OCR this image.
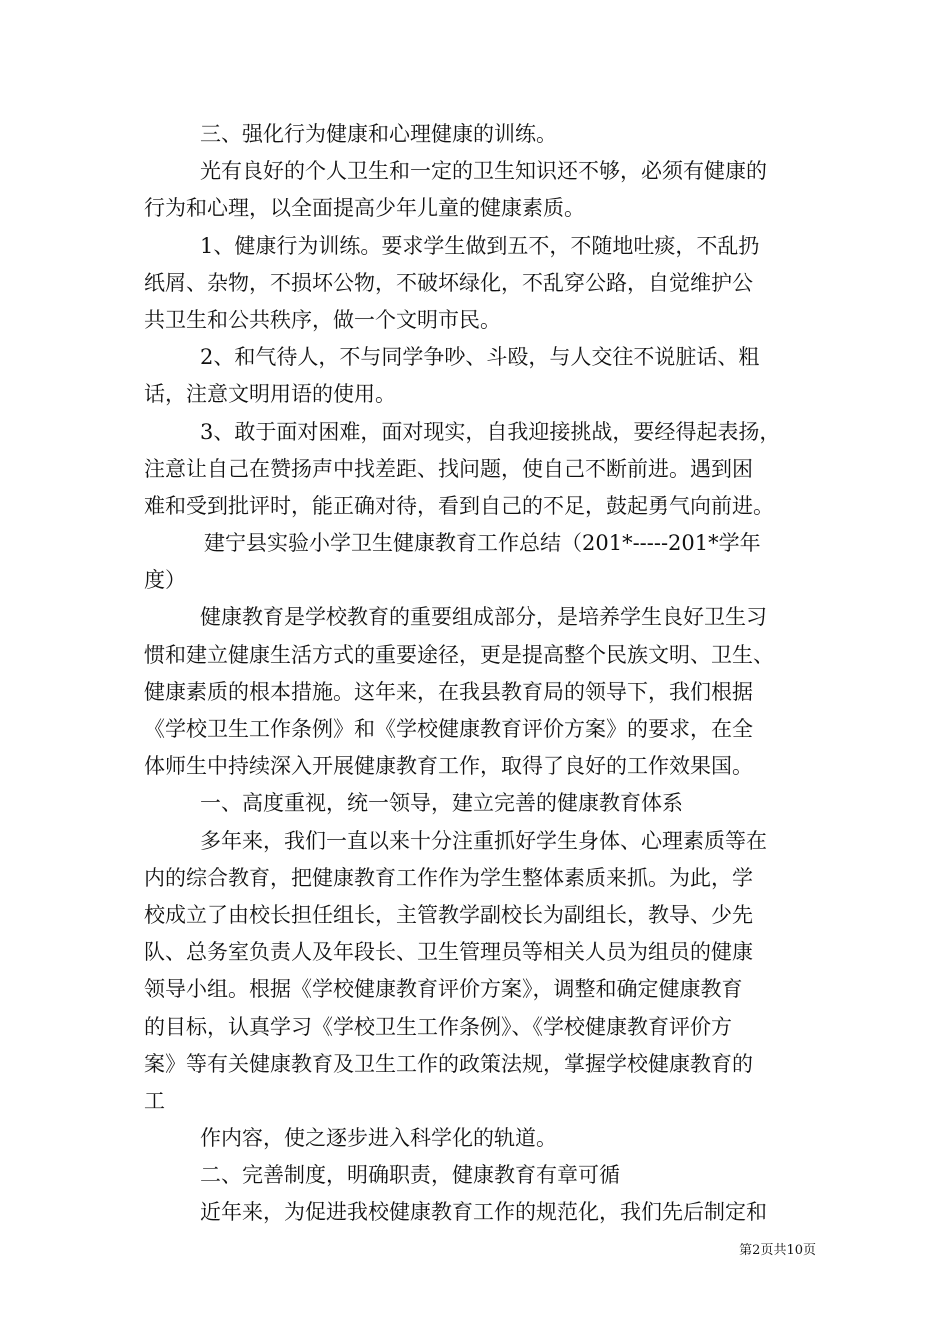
三、强化行为健康和心理健康的训练。
光有良好的个人卫生和一定的卫生知识还不够，必须有健康的
行为和心理，以全面提高少年儿童的健康素质。
1、健康行为训练。要求学生做到五不，不随地吐痰，不乱扔
纸屑、杂物，不损坏公物，不破坏绿化，不乱穿公路，自觉维护公
共卫生和公共秩序，做一个文明市民。
2、和气待人，不与同学争吵、斗殴，与人交往不说脏话、粗
话，注意文明用语的使用。
3、敢于面对困难，面对现实，自我迎接挑战，要经得起表扬，
注意让自己在赞扬声中找差距、找问题，使自己不断前进。遇到困
难和受到批评时，能正确对待，看到自己的不足，鼓起勇气向前进。
建宁县实验小学卫生健康教育工作总结（201*-----201*学年
度）
健康教育是学校教育的重要组成部分，是培养学生良好卫生习
惯和建立健康生活方式的重要途径，更是提高整个民族文明、卫生、
健康素质的根本措施。这年来，在我县教育局的领导下，我们根据
《学校卫生工作条例》和《学校健康教育评价方案》的要求，在全
体师生中持续深入开展健康教育工作，取得了良好的工作效果国。
一、高度重视，统一领导，建立完善的健康教育体系
多年来，我们一直以来十分注重抓好学生身体、心理素质等在
内的综合教育，把健康教育工作作为学生整体素质来抓。为此，学
校成立了由校长担任组长，主管教学副校长为副组长，教导、少先
队、总务室负责人及年段长、卫生管理员等相关人员为组员的健康
领导小组。根据《学校健康教育评价方案》，调整和确定健康教育
的目标，认真学习《学校卫生工作条例》、《学校健康教育评价方
案》等有关健康教育及卫生工作的政策法规，掌握学校健康教育的
工
作内容，使之逐步进入科学化的轨道。
二、完善制度，明确职责，健康教育有章可循
近年来，为促进我校健康教育工作的规范化，我们先后制定和
第2页共10页
